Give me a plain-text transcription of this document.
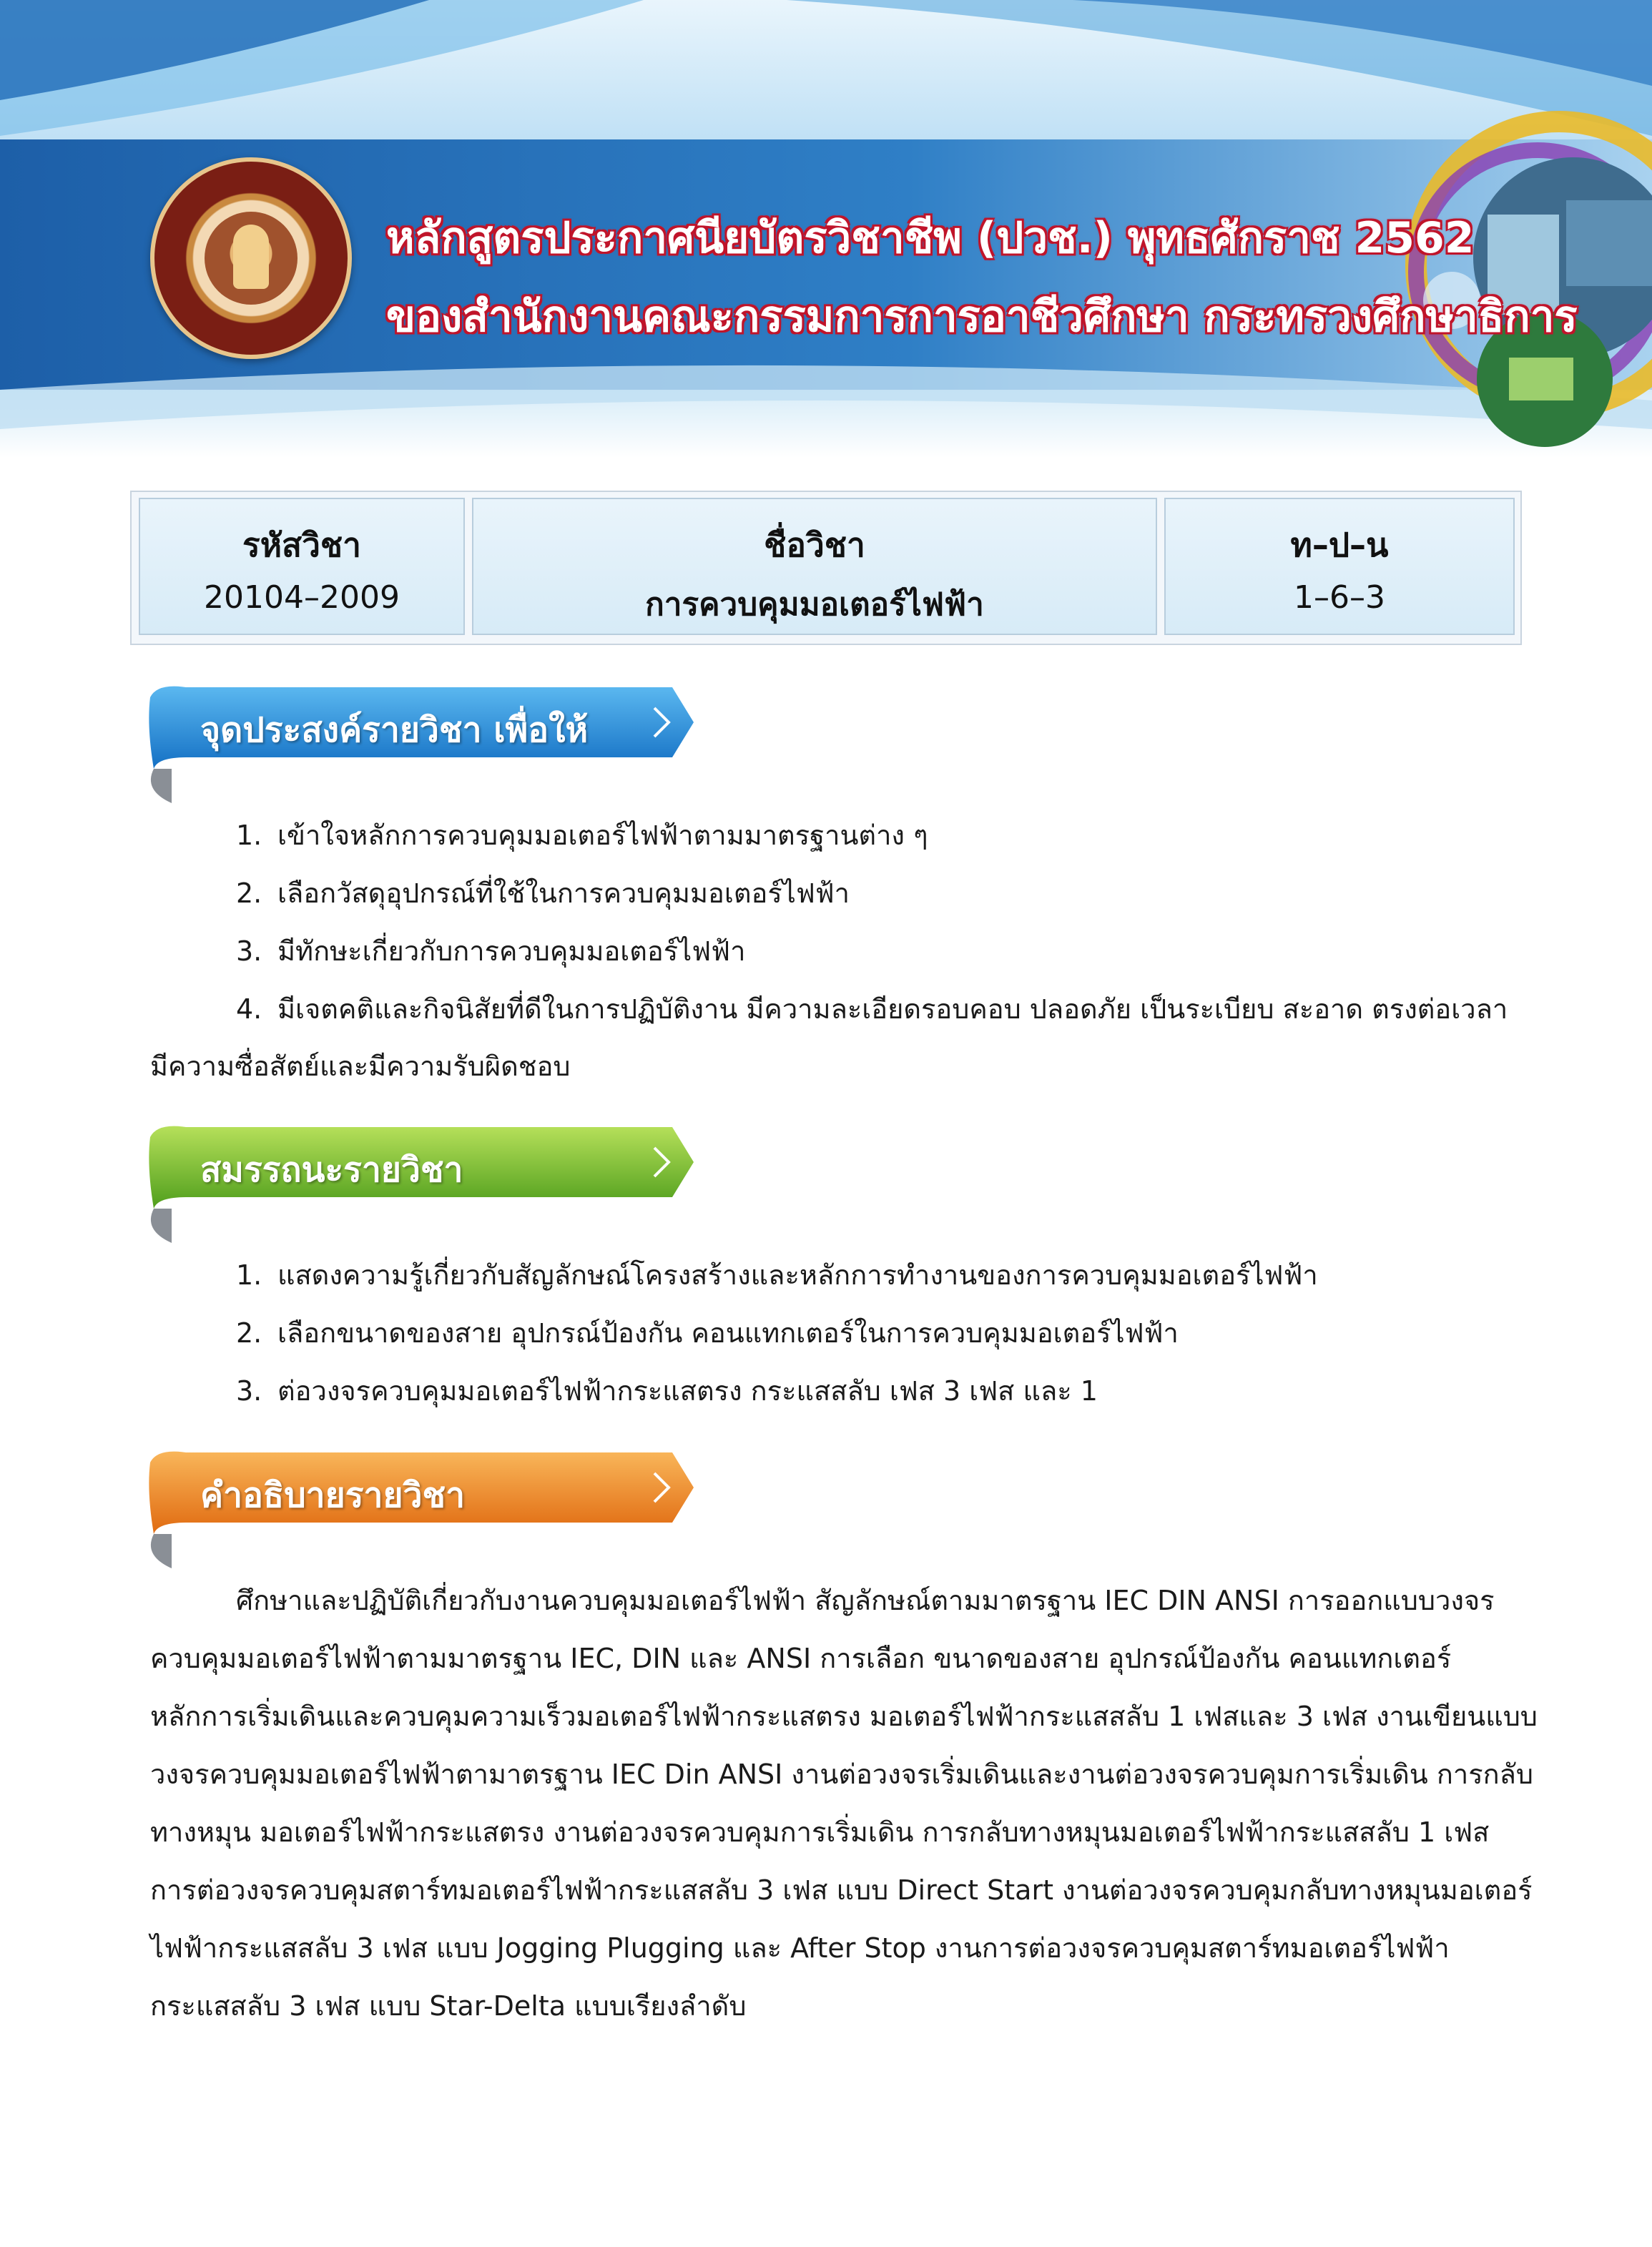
หลักสูตรประกาศนียบัตรวิชาชีพ (ปวช.) พุทธศักราช 2562
ของสำนักงานคณะกรรมการการอาชีวศึกษา กระทรวงศึกษาธิการ
รหัสวิชา
20104–2009
ชื่อวิชา
การควบคุมมอเตอร์ไฟฟ้า
ท–ป–น
1–6–3
จุดประสงค์รายวิชา เพื่อให้
1. เข้าใจหลักการควบคุมมอเตอร์ไฟฟ้าตามมาตรฐานต่าง ๆ
2. เลือกวัสดุอุปกรณ์ที่ใช้ในการควบคุมมอเตอร์ไฟฟ้า
3. มีทักษะเกี่ยวกับการควบคุมมอเตอร์ไฟฟ้า
4. มีเจตคติและกิจนิสัยที่ดีในการปฏิบัติงาน มีความละเอียดรอบคอบ ปลอดภัย เป็นระเบียบ สะอาด ตรงต่อเวลา
มีความซื่อสัตย์และมีความรับผิดชอบ
สมรรถนะรายวิชา
1. แสดงความรู้เกี่ยวกับสัญลักษณ์โครงสร้างและหลักการทำงานของการควบคุมมอเตอร์ไฟฟ้า
2. เลือกขนาดของสาย อุปกรณ์ป้องกัน คอนแทกเตอร์ในการควบคุมมอเตอร์ไฟฟ้า
3. ต่อวงจรควบคุมมอเตอร์ไฟฟ้ากระแสตรง กระแสสลับ เฟส 3 เฟส และ 1
คำอธิบายรายวิชา
ศึกษาและปฏิบัติเกี่ยวกับงานควบคุมมอเตอร์ไฟฟ้า สัญลักษณ์ตามมาตรฐาน IEC DIN ANSI การออกแบบวงจร
ควบคุมมอเตอร์ไฟฟ้าตามมาตรฐาน IEC, DIN และ ANSI การเลือก ขนาดของสาย อุปกรณ์ป้องกัน คอนแทกเตอร์
หลักการเริ่มเดินและควบคุมความเร็วมอเตอร์ไฟฟ้ากระแสตรง มอเตอร์ไฟฟ้ากระแสสลับ 1 เฟสและ 3 เฟส งานเขียนแบบ
วงจรควบคุมมอเตอร์ไฟฟ้าตามาตรฐาน IEC Din ANSI งานต่อวงจรเริ่มเดินและงานต่อวงจรควบคุมการเริ่มเดิน การกลับ
ทางหมุน มอเตอร์ไฟฟ้ากระแสตรง งานต่อวงจรควบคุมการเริ่มเดิน การกลับทางหมุนมอเตอร์ไฟฟ้ากระแสสลับ 1 เฟส
การต่อวงจรควบคุมสตาร์ทมอเตอร์ไฟฟ้ากระแสสลับ 3 เฟส แบบ Direct Start งานต่อวงจรควบคุมกลับทางหมุนมอเตอร์
ไฟฟ้ากระแสสลับ 3 เฟส แบบ Jogging Plugging และ After Stop งานการต่อวงจรควบคุมสตาร์ทมอเตอร์ไฟฟ้า
กระแสสลับ 3 เฟส แบบ Star-Delta แบบเรียงลำดับ
